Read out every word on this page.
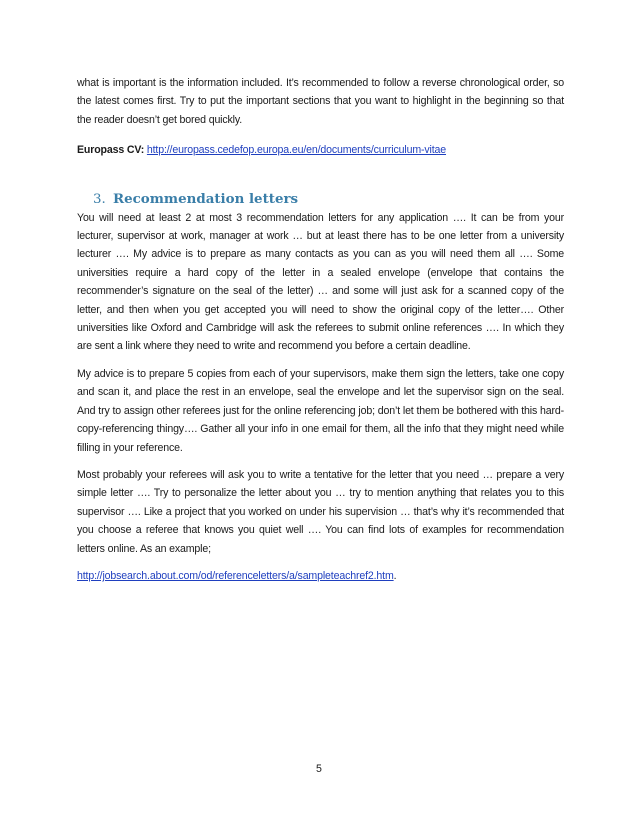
what is important is the information included. It’s recommended to follow a reverse chronological order, so the latest comes first. Try to put the important sections that you want to highlight in the beginning so that the reader doesn’t get bored quickly.

Europass CV: http://europass.cedefop.europa.eu/en/documents/curriculum-vitae

3. Recommendation letters

You will need at least 2 at most 3 recommendation letters for any application …. It can be from your lecturer, supervisor at work, manager at work … but at least there has to be one letter from a university lecturer …. My advice is to prepare as many contacts as you can as you will need them all …. Some universities require a hard copy of the letter in a sealed envelope (envelope that contains the recommender’s signature on the seal of the letter) … and some will just ask for a scanned copy of the letter, and then when you get accepted you will need to show the original copy of the letter…. Other universities like Oxford and Cambridge will ask the referees to submit online references …. In which they are sent a link where they need to write and recommend you before a certain deadline.

My advice is to prepare 5 copies from each of your supervisors, make them sign the letters, take one copy and scan it, and place the rest in an envelope, seal the envelope and let the supervisor sign on the seal. And try to assign other referees just for the online referencing job; don’t let them be bothered with this hard-copy-referencing thingy…. Gather all your info in one email for them, all the info that they might need while filling in your reference.

Most probably your referees will ask you to write a tentative for the letter that you need … prepare a very simple letter …. Try to personalize the letter about you … try to mention anything that relates you to this supervisor …. Like a project that you worked on under his supervision … that’s why it’s recommended that you choose a referee that knows you quiet well …. You can find lots of examples for recommendation letters online. As an example;

http://jobsearch.about.com/od/referenceletters/a/sampleteachref2.htm.

5
